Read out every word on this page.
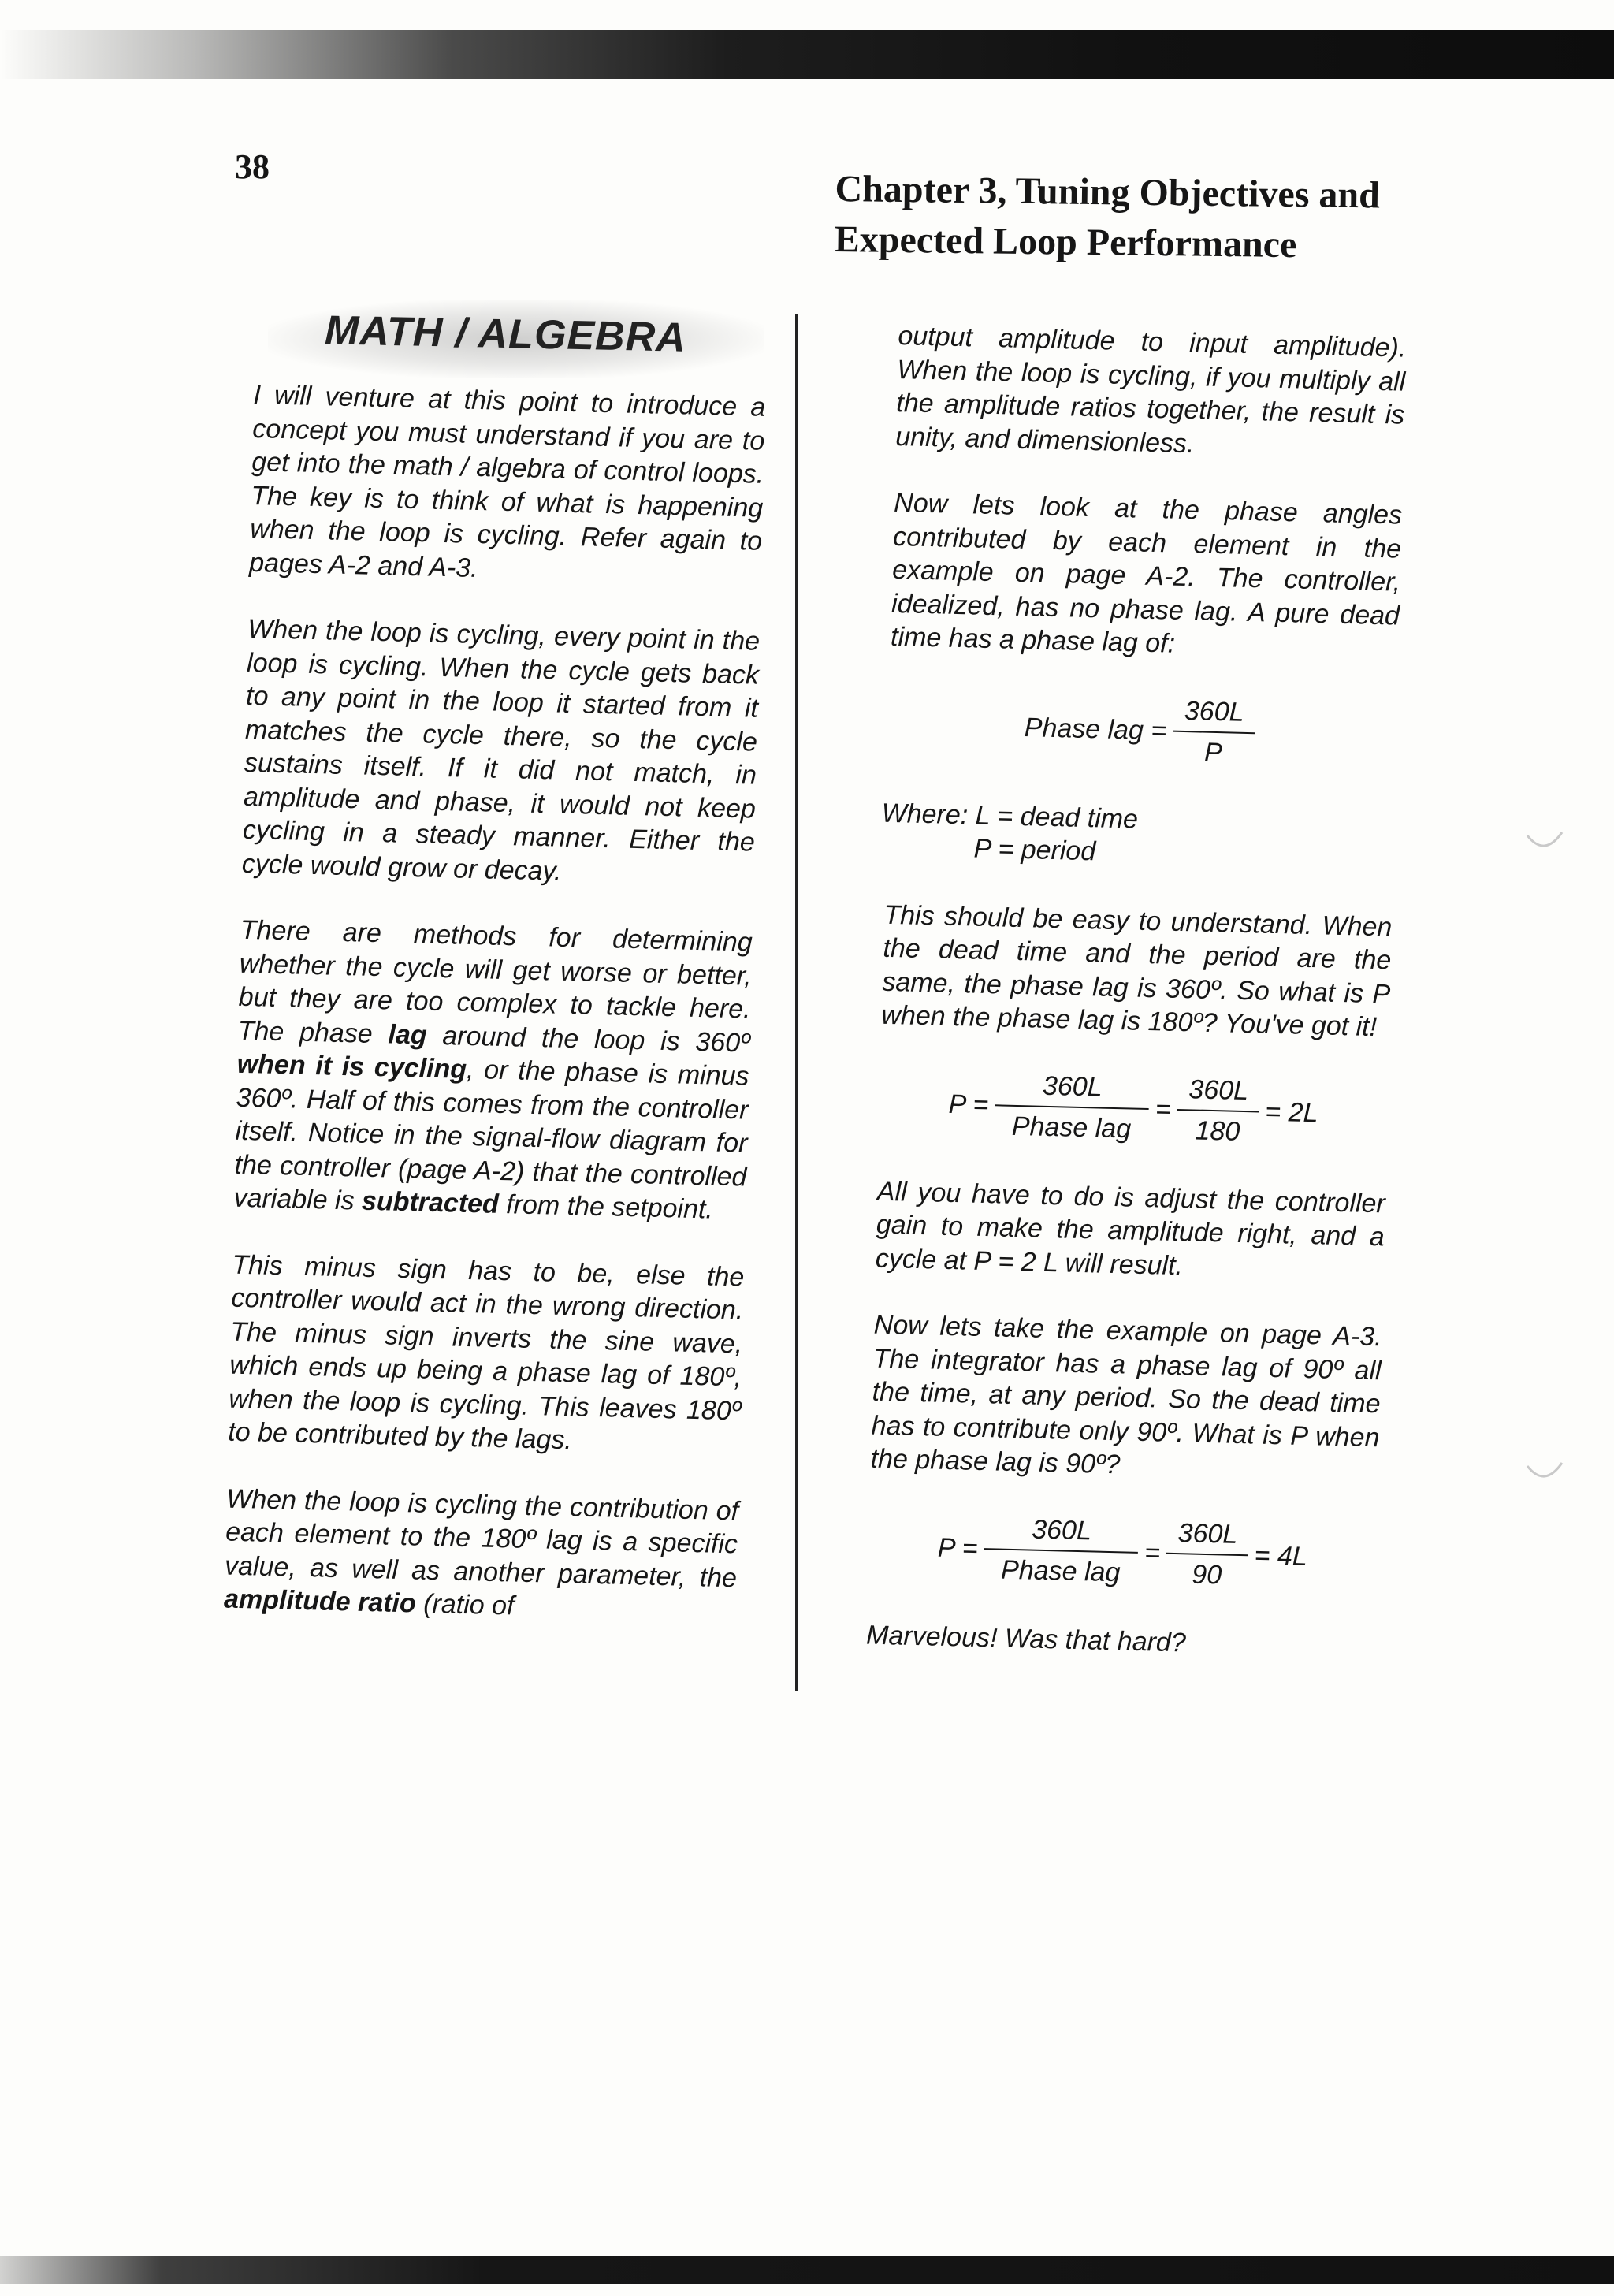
38
Chapter 3, Tuning Objectives and
Expected Loop Performance
MATH / ALGEBRA

I will venture at this point to introduce a concept you must understand if you are to get into the math / algebra of control loops. The key is to think of what is happening when the loop is cycling. Refer again to pages A-2 and A-3.

When the loop is cycling, every point in the loop is cycling. When the cycle gets back to any point in the loop it started from it matches the cycle there, so the cycle sustains itself. If it did not match, in amplitude and phase, it would not keep cycling in a steady manner. Either the cycle would grow or decay.

There are methods for determining whether the cycle will get worse or better, but they are too complex to tackle here. The phase lag around the loop is 360º when it is cycling, or the phase is minus 360º. Half of this comes from the controller itself. Notice in the signal-flow diagram for the controller (page A-2) that the controlled variable is subtracted from the setpoint.

This minus sign has to be, else the controller would act in the wrong direction. The minus sign inverts the sine wave, which ends up being a phase lag of 180º, when the loop is cycling. This leaves 180º to be contributed by the lags.

When the loop is cycling the contribution of each element to the 180º lag is a specific value, as well as another parameter, the amplitude ratio (ratio of

output amplitude to input amplitude). When the loop is cycling, if you multiply all the amplitude ratios together, the result is unity, and dimensionless.

Now lets look at the phase angles contributed by each element in the example on page A-2. The controller, idealized, has no phase lag. A pure dead time has a phase lag of:

Phase lag = $\frac{360L}{P}$
Where: L = dead time
P = period

This should be easy to understand. When the dead time and the period are the same, the phase lag is 360º. So what is P when the phase lag is 180º? You've got it!

$P = \frac{360L}{\text{Phase lag}} = \frac{360L}{180} = 2L$

All you have to do is adjust the controller gain to make the amplitude right, and a cycle at P = 2 L will result.

Now lets take the example on page A-3. The integrator has a phase lag of 90º all the time, at any period. So the dead time has to contribute only 90º. What is P when the phase lag is 90º?

$P = \frac{360L}{\text{Phase lag}} = \frac{360L}{90} = 4L$

Marvelous! Was that hard?
